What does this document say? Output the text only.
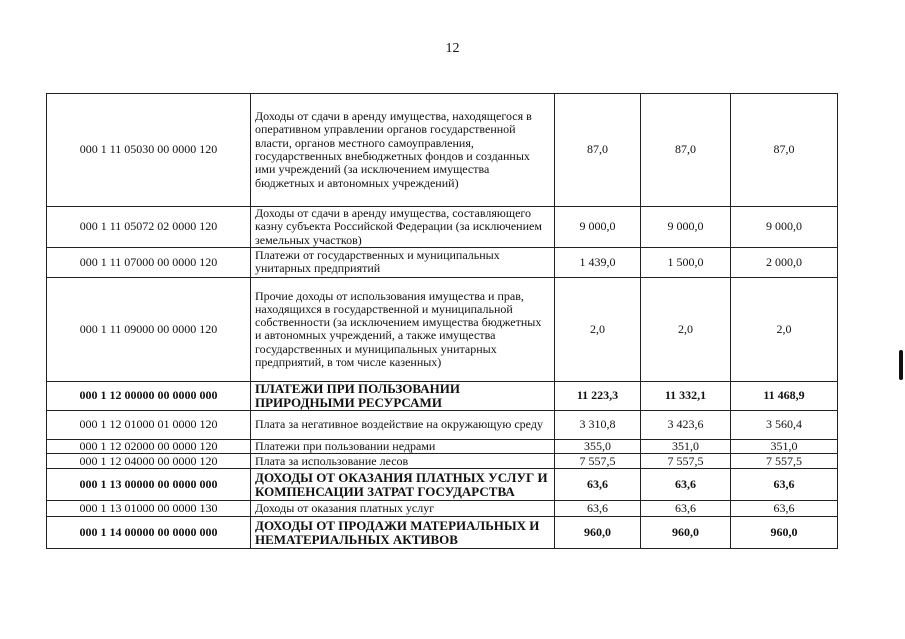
12
000 1 11 05030 00 0000 120	Доходы от сдачи в аренду имущества, находящегося в оперативном управлении органов государственной власти, органов местного самоуправления, государственных внебюджетных фондов и созданных ими учреждений (за исключением имущества бюджетных и автономных учреждений)	87,0	87,0	87,0
000 1 11 05072 02 0000 120	Доходы от сдачи в аренду имущества, составляющего казну субъекта Российской Федерации (за исключением земельных участков)	9 000,0	9 000,0	9 000,0
000 1 11 07000 00 0000 120	Платежи от государственных и муниципальных унитарных предприятий	1 439,0	1 500,0	2 000,0
000 1 11 09000 00 0000 120	Прочие доходы от использования имущества и прав, находящихся в государственной и муниципальной собственности (за исключением имущества бюджетных и автономных учреждений, а также имущества государственных и муниципальных унитарных предприятий, в том числе казенных)	2,0	2,0	2,0
000 1 12 00000 00 0000 000	ПЛАТЕЖИ ПРИ ПОЛЬЗОВАНИИ ПРИРОДНЫМИ РЕСУРСАМИ	11 223,3	11 332,1	11 468,9
000 1 12 01000 01 0000 120	Плата за негативное воздействие на окружающую среду	3 310,8	3 423,6	3 560,4
000 1 12 02000 00 0000 120	Платежи при пользовании недрами	355,0	351,0	351,0
000 1 12 04000 00 0000 120	Плата за использование лесов	7 557,5	7 557,5	7 557,5
000 1 13 00000 00 0000 000	ДОХОДЫ ОТ ОКАЗАНИЯ ПЛАТНЫХ УСЛУГ И КОМПЕНСАЦИИ ЗАТРАТ ГОСУДАРСТВА	63,6	63,6	63,6
000 1 13 01000 00 0000 130	Доходы от оказания платных услуг	63,6	63,6	63,6
000 1 14 00000 00 0000 000	ДОХОДЫ ОТ ПРОДАЖИ МАТЕРИАЛЬНЫХ И НЕМАТЕРИАЛЬНЫХ АКТИВОВ	960,0	960,0	960,0
